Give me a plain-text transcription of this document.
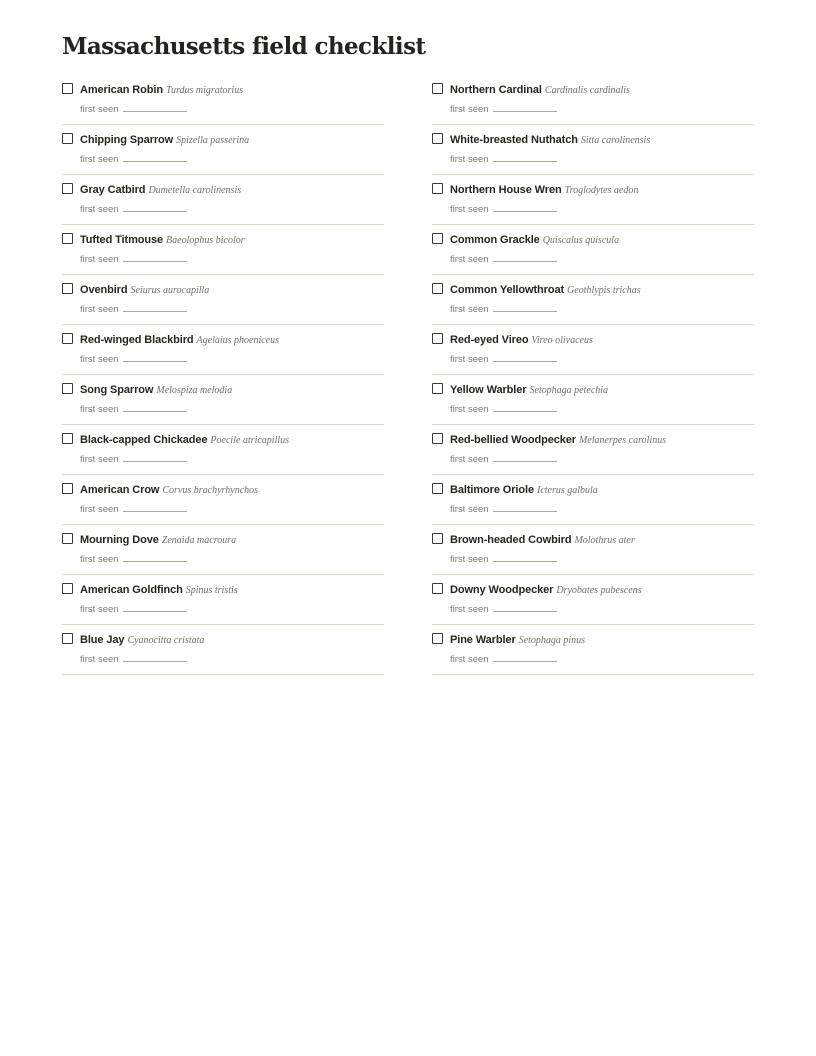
Massachusetts field checklist
American Robin Turdus migratorius
first seen
Chipping Sparrow Spizella passerina
first seen
Gray Catbird Dumetella carolinensis
first seen
Tufted Titmouse Baeolophus bicolor
first seen
Ovenbird Seiurus aurocapilla
first seen
Red-winged Blackbird Agelaius phoeniceus
first seen
Song Sparrow Melospiza melodia
first seen
Black-capped Chickadee Poecile atricapillus
first seen
American Crow Corvus brachyrhynchos
first seen
Mourning Dove Zenaida macroura
first seen
American Goldfinch Spinus tristis
first seen
Blue Jay Cyanocitta cristata
first seen
Northern Cardinal Cardinalis cardinalis
first seen
White-breasted Nuthatch Sitta carolinensis
first seen
Northern House Wren Troglodytes aedon
first seen
Common Grackle Quiscalus quiscula
first seen
Common Yellowthroat Geothlypis trichas
first seen
Red-eyed Vireo Vireo olivaceus
first seen
Yellow Warbler Setophaga petechia
first seen
Red-bellied Woodpecker Melanerpes carolinus
first seen
Baltimore Oriole Icterus galbula
first seen
Brown-headed Cowbird Molothrus ater
first seen
Downy Woodpecker Dryobates pubescens
first seen
Pine Warbler Setophaga pinus
first seen
